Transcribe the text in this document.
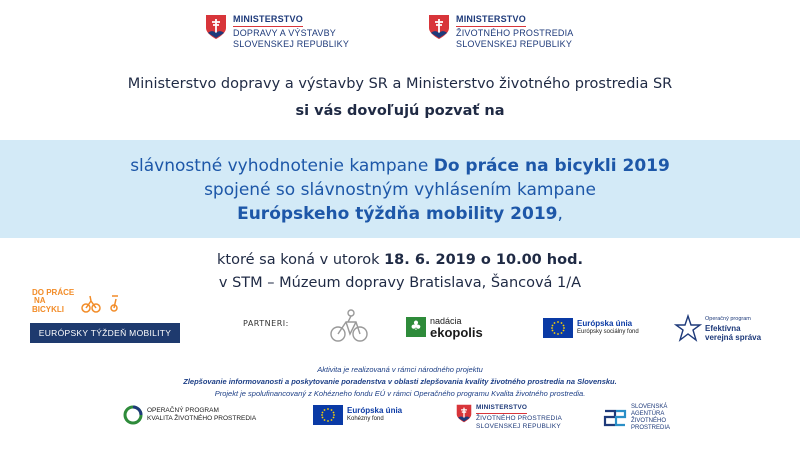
MINISTERSTVO
DOPRAVY A VÝSTAVBY
SLOVENSKEJ REPUBLIKY
MINISTERSTVO
ŽIVOTNÉHO PROSTREDIA
SLOVENSKEJ REPUBLIKY
Ministerstvo dopravy a výstavby SR a Ministerstvo životného prostredia SR
si vás dovoľujú pozvať na
slávnostné vyhodnotenie kampane Do práce na bicykli 2019
spojené so slávnostným vyhlásením kampane
Európskeho týždňa mobility 2019,
ktoré sa koná v utorok 18. 6. 2019 o 10.00 hod.
v STM – Múzeum dopravy Bratislava, Šancová 1/A
DO PRÁCE
NA
BICYKLI
EURÓPSKY TÝŽDEŇ MOBILITY
PARTNERI:	♣ nadácia
ekopolis
Európska únia
Európsky sociálny fond
Operačný program
Efektívna
verejná správa
Aktivita je realizovaná v rámci národného projektu
Zlepšovanie informovanosti a poskytovanie poradenstva v oblasti zlepšovania kvality životného prostredia na Slovensku.
Projekt je spolufinancovaný z Kohézneho fondu EÚ v rámci Operačného programu Kvalita životného prostredia.
OPERAČNÝ PROGRAM
KVALITA ŽIVOTNÉHO PROSTREDIA
Európska únia
Kohézny fond
MINISTERSTVO
ŽIVOTNÉHO PROSTREDIA
SLOVENSKEJ REPUBLIKY
SLOVENSKÁ
AGENTÚRA
ŽIVOTNÉHO
PROSTREDIA
